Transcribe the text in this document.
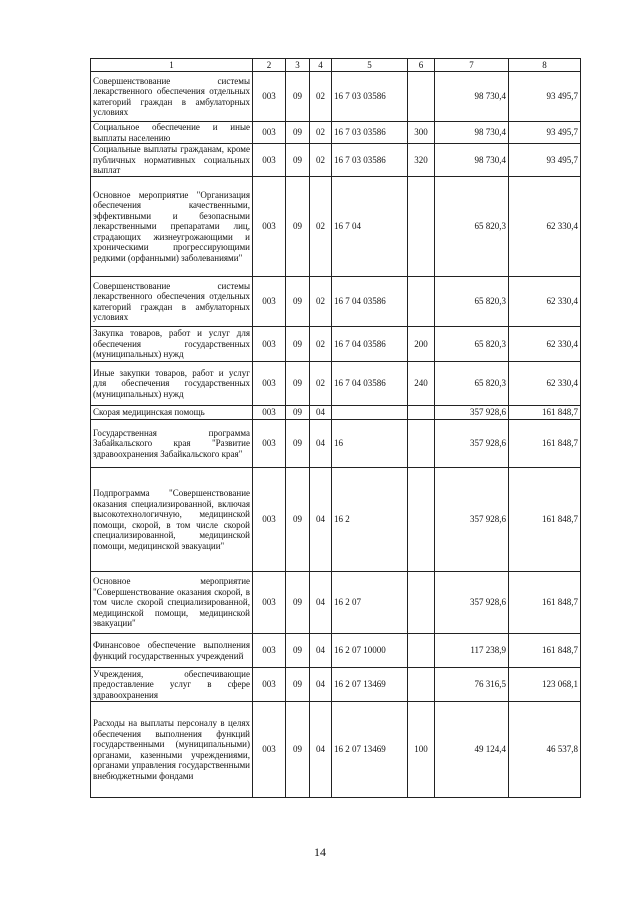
1	2	3	4	5	6	7	8
Совершенствование системы лекарственного обеспечения отдельных категорий граждан в амбулаторных условиях	003	09	02	16 7 03 03586		98 730,4	93 495,7
Социальное обеспечение и иные выплаты населению	003	09	02	16 7 03 03586	300	98 730,4	93 495,7
Социальные выплаты гражданам, кроме публичных нормативных социальных выплат	003	09	02	16 7 03 03586	320	98 730,4	93 495,7
Основное мероприятие "Организация обеспечения качественными, эффективными и безопасными лекарственными препаратами лиц, страдающих жизнеугрожающими и хроническими прогрессирующими редкими (орфанными) заболеваниями"	003	09	02	16 7 04		65 820,3	62 330,4
Совершенствование системы лекарственного обеспечения отдельных категорий граждан в амбулаторных условиях	003	09	02	16 7 04 03586		65 820,3	62 330,4
Закупка товаров, работ и услуг для обеспечения государственных (муниципальных) нужд	003	09	02	16 7 04 03586	200	65 820,3	62 330,4
Иные закупки товаров, работ и услуг для обеспечения государственных (муниципальных) нужд	003	09	02	16 7 04 03586	240	65 820,3	62 330,4
Скорая медицинская помощь	003	09	04			357 928,6	161 848,7
Государственная программа Забайкальского края "Развитие здравоохранения Забайкальского края"	003	09	04	16		357 928,6	161 848,7
Подпрограмма "Совершенствование оказания специализированной, включая высокотехнологичную, медицинской помощи, скорой, в том числе скорой специализированной, медицинской помощи, медицинской эвакуации"	003	09	04	16 2		357 928,6	161 848,7
Основное мероприятие "Совершенствование оказания скорой, в том числе скорой специализированной, медицинской помощи, медицинской эвакуации"	003	09	04	16 2 07		357 928,6	161 848,7
Финансовое обеспечение выполнения функций государственных учреждений	003	09	04	16 2 07 10000		117 238,9	161 848,7
Учреждения, обеспечивающие предоставление услуг в сфере здравоохранения	003	09	04	16 2 07 13469		76 316,5	123 068,1
Расходы на выплаты персоналу в целях обеспечения выполнения функций государственными (муниципальными) органами, казенными учреждениями, органами управления государственными внебюджетными фондами	003	09	04	16 2 07 13469	100	49 124,4	46 537,8
14
